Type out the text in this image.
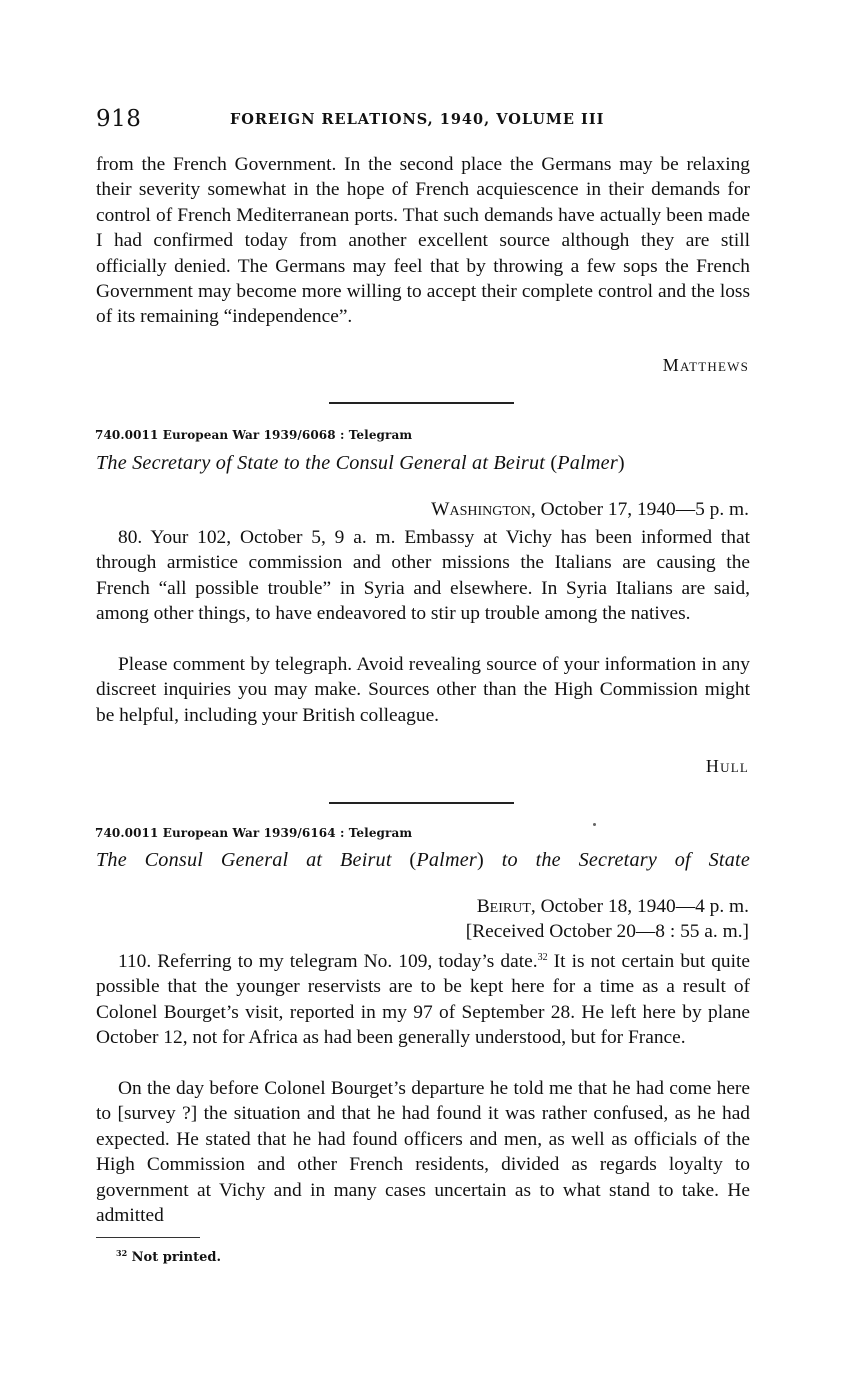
918	FOREIGN RELATIONS, 1940, VOLUME III
from the French Government. In the second place the Germans may be relaxing their severity somewhat in the hope of French acquiescence in their demands for control of French Mediterranean ports. That such demands have actually been made I had confirmed today from another excellent source although they are still officially denied. The Germans may feel that by throwing a few sops the French Government may become more willing to accept their complete control and the loss of its remaining “independence”.
Matthews
740.0011 European War 1939/6068 : Telegram
The Secretary of State to the Consul General at Beirut (Palmer)
Washington, October 17, 1940—5 p. m.
80. Your 102, October 5, 9 a. m. Embassy at Vichy has been informed that through armistice commission and other missions the Italians are causing the French “all possible trouble” in Syria and elsewhere. In Syria Italians are said, among other things, to have endeavored to stir up trouble among the natives.
Please comment by telegraph. Avoid revealing source of your information in any discreet inquiries you may make. Sources other than the High Commission might be helpful, including your British colleague.
Hull
740.0011 European War 1939/6164 : Telegram
The Consul General at Beirut (Palmer) to the Secretary of State
Beirut, October 18, 1940—4 p. m.
[Received October 20—8 : 55 a. m.]
110. Referring to my telegram No. 109, today’s date.$^{32}$ It is not certain but quite possible that the younger reservists are to be kept here for a time as a result of Colonel Bourget’s visit, reported in my 97 of September 28. He left here by plane October 12, not for Africa as had been generally understood, but for France.
On the day before Colonel Bourget’s departure he told me that he had come here to [survey ?] the situation and that he had found it was rather confused, as he had expected. He stated that he had found officers and men, as well as officials of the High Commission and other French residents, divided as regards loyalty to government at Vichy and in many cases uncertain as to what stand to take. He admitted
$^{32}$ Not printed.
